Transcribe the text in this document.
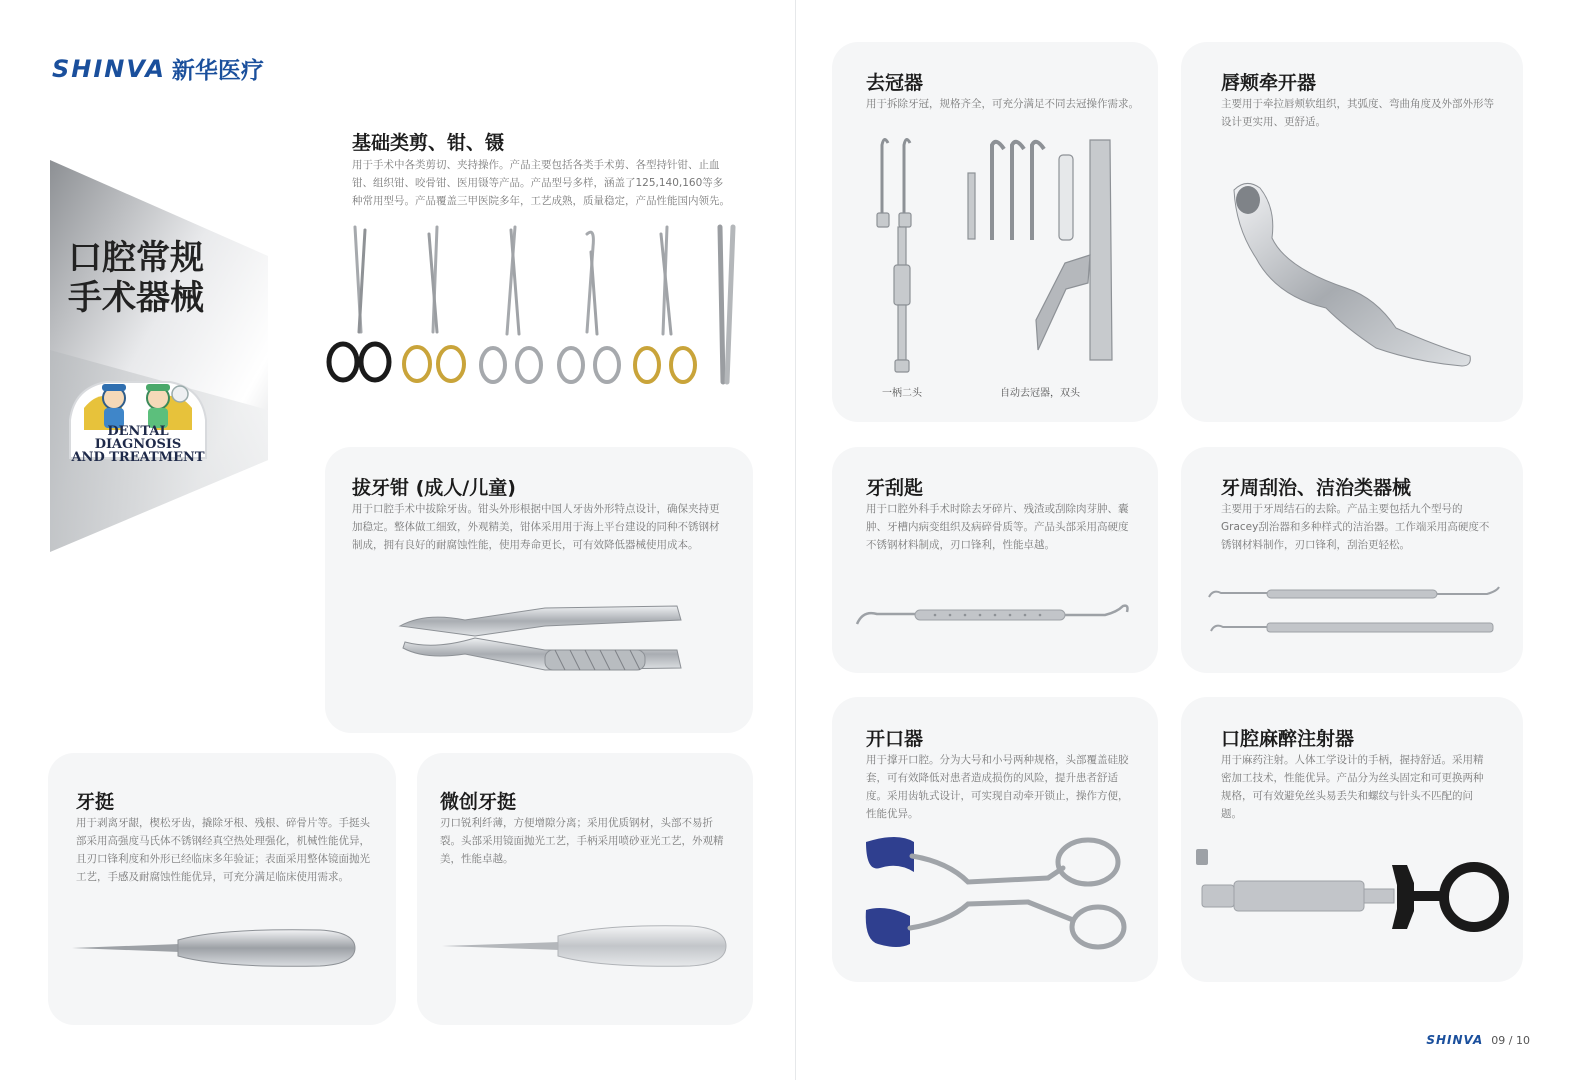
SHINVA 新华医疗
口腔常规
手术器械
DENTAL DIAGNOSIS
AND TREATMENT
基础类剪、钳、镊
用于手术中各类剪切、夹持操作。产品主要包括各类手术剪、各型持针钳、止血钳、组织钳、咬骨钳、医用镊等产品。产品型号多样，涵盖了125,140,160等多种常用型号。产品覆盖三甲医院多年，工艺成熟，质量稳定，产品性能国内领先。
拔牙钳 (成人/儿童)
用于口腔手术中拔除牙齿。钳头外形根据中国人牙齿外形特点设计，确保夹持更加稳定。整体做工细致，外观精美，钳体采用用于海上平台建设的同种不锈钢材制成，拥有良好的耐腐蚀性能，使用寿命更长，可有效降低器械使用成本。
牙挺
用于剥离牙龈，楔松牙齿，撬除牙根、残根、碎骨片等。手挺头部采用高强度马氏体不锈钢经真空热处理强化，机械性能优异，且刃口锋利度和外形已经临床多年验证；表面采用整体镜面抛光工艺，手感及耐腐蚀性能优异，可充分满足临床使用需求。
微创牙挺
刃口锐利纤薄，方便增隙分离；采用优质钢材，头部不易折裂。头部采用镜面抛光工艺，手柄采用喷砂亚光工艺，外观精美，性能卓越。
去冠器
用于拆除牙冠，规格齐全，可充分满足不同去冠操作需求。
一柄二头	自动去冠器，双头
唇颊牵开器
主要用于牵拉唇颊软组织，其弧度、弯曲角度及外部外形等设计更实用、更舒适。
牙刮匙
用于口腔外科手术时除去牙碎片、残渣或刮除肉芽肿、囊肿、牙槽内病变组织及病碎骨质等。产品头部采用高硬度不锈钢材料制成，刃口锋利，性能卓越。
牙周刮治、洁治类器械
主要用于牙周结石的去除。产品主要包括九个型号的Gracey刮治器和多种样式的洁治器。工作端采用高硬度不锈钢材料制作，刃口锋利，刮治更轻松。
开口器
用于撑开口腔。分为大号和小号两种规格，头部覆盖硅胶套，可有效降低对患者造成损伤的风险，提升患者舒适度。采用齿轨式设计，可实现自动牵开锁止，操作方便，性能优异。
口腔麻醉注射器
用于麻药注射。人体工学设计的手柄，握持舒适。采用精密加工技术，性能优异。产品分为丝头固定和可更换两种规格，可有效避免丝头易丢失和螺纹与针头不匹配的问题。
SHINVA 09 / 10
